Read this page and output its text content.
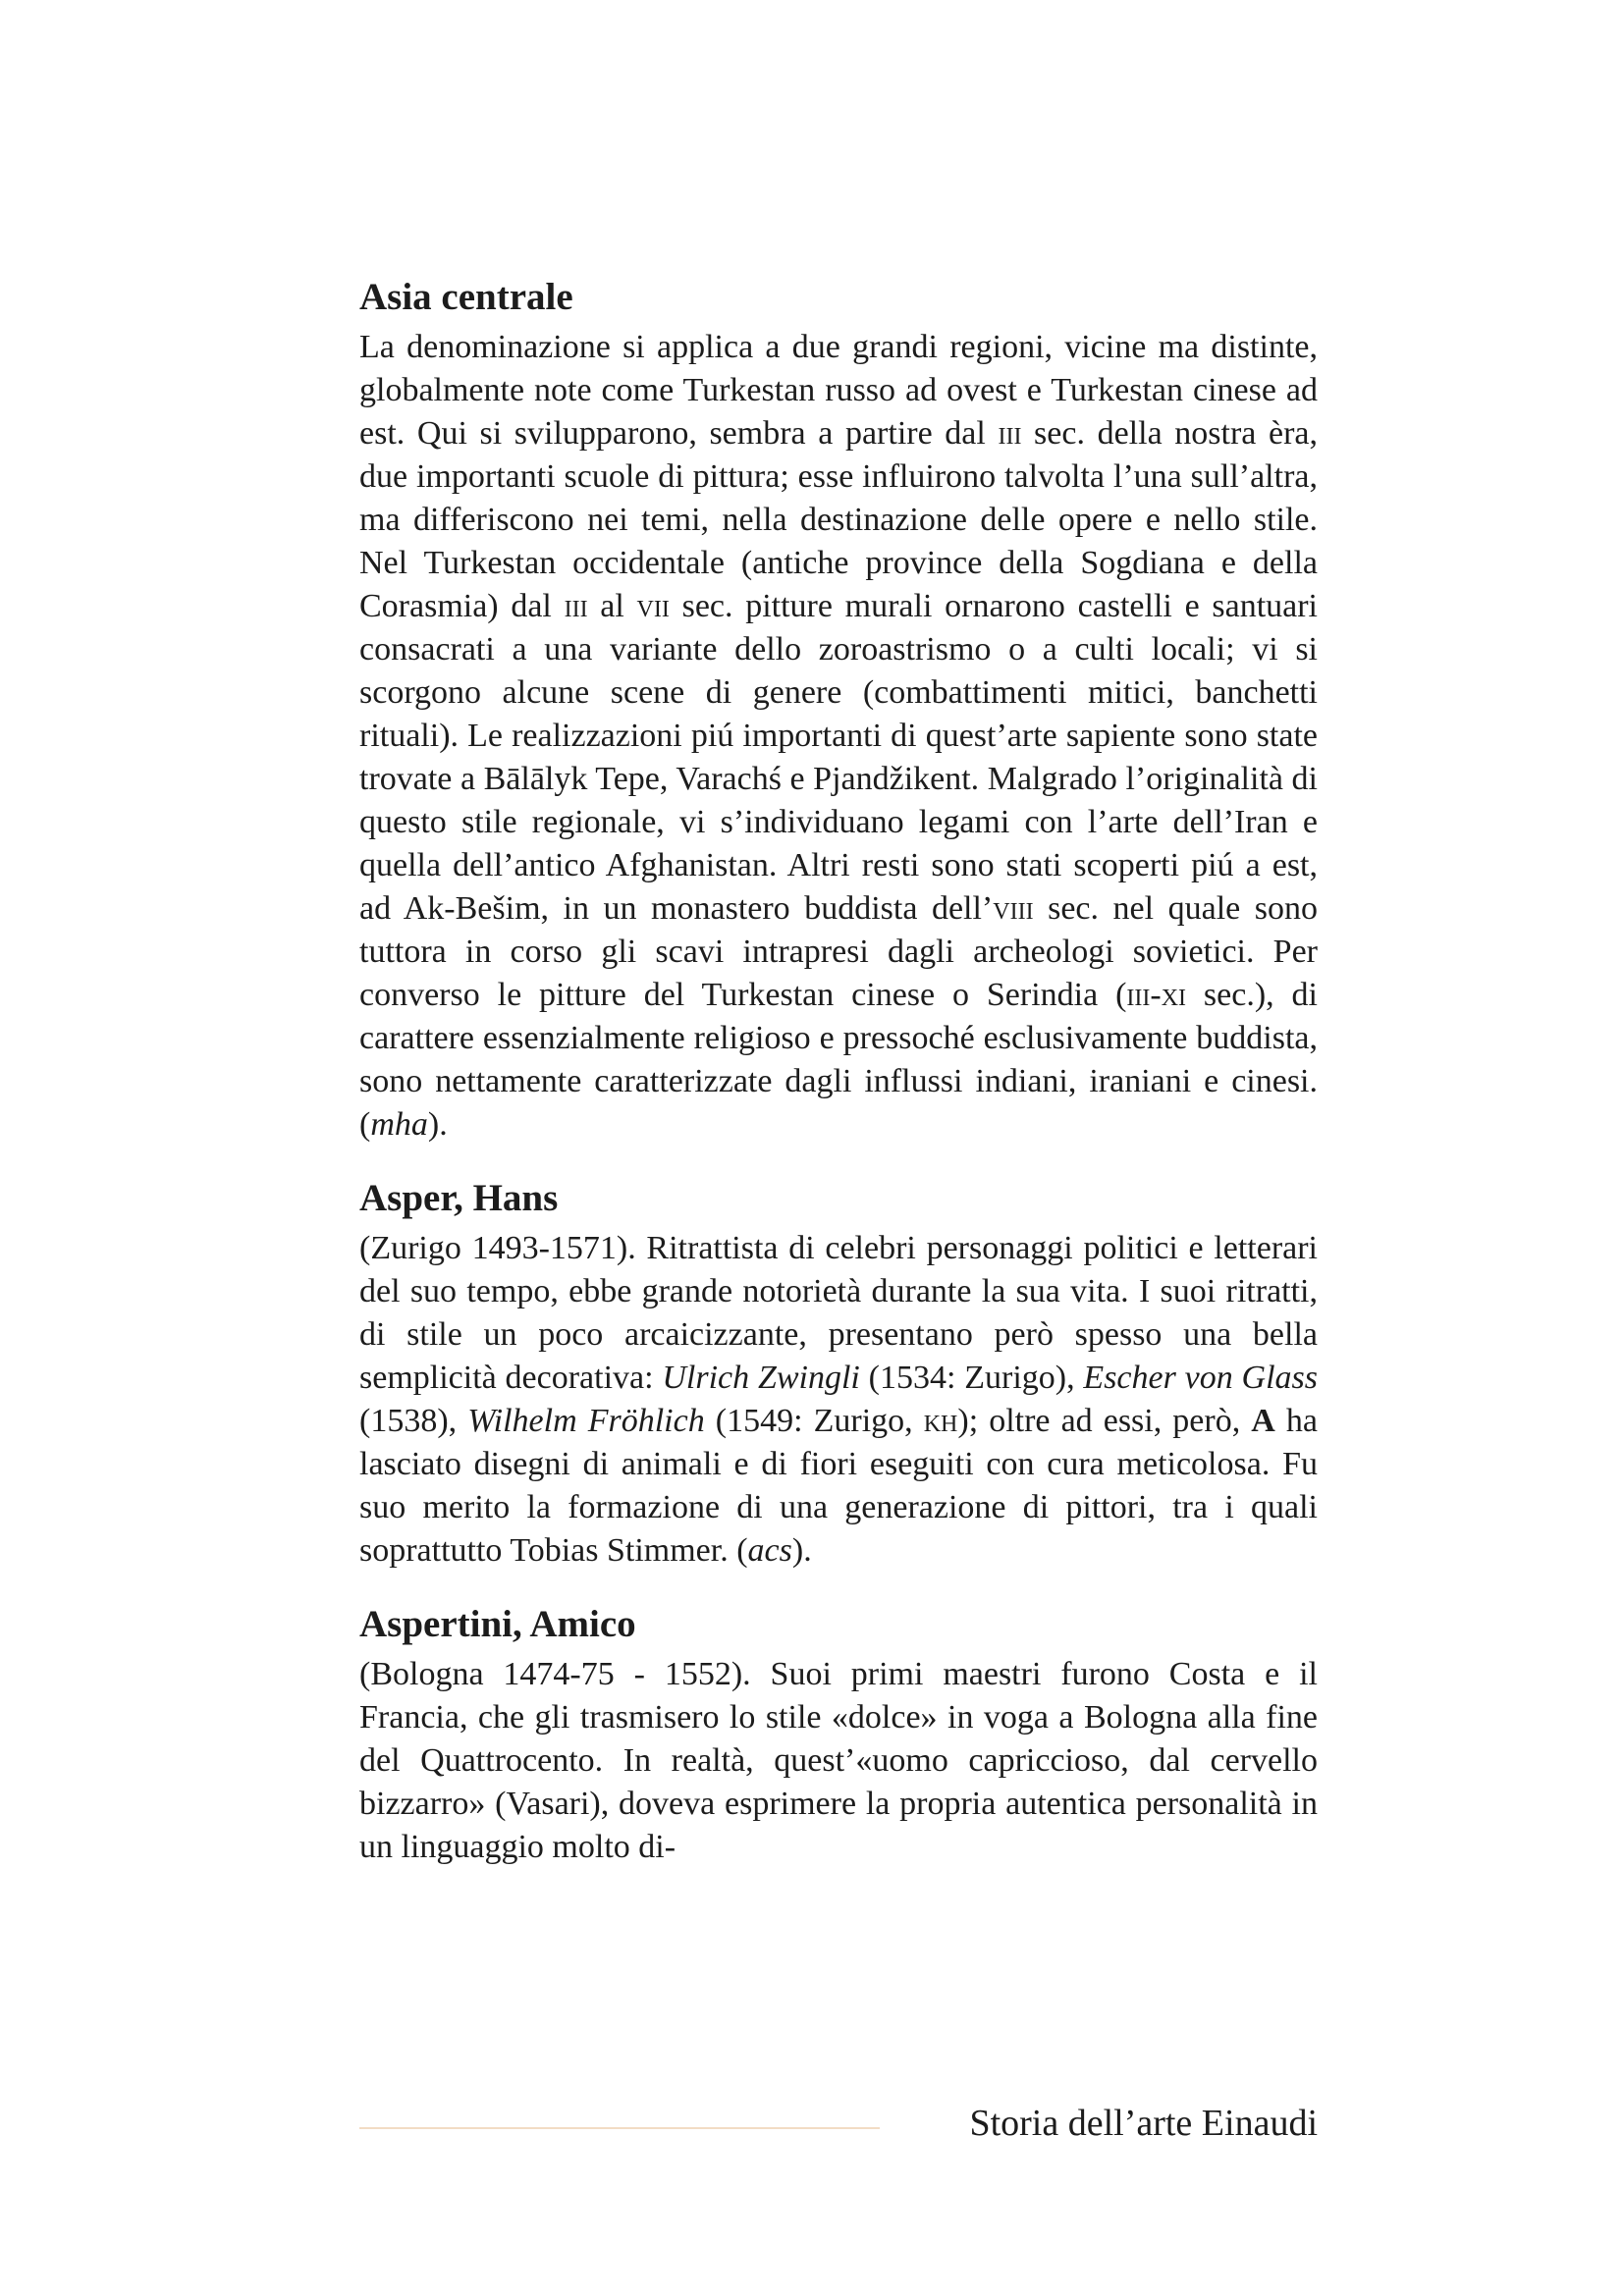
Asia centrale

La denominazione si applica a due grandi regioni, vicine ma distinte, globalmente note come Turkestan russo ad ovest e Turkestan cinese ad est. Qui si svilupparono, sembra a partire dal iii sec. della nostra èra, due importanti scuole di pittura; esse influirono talvolta l’una sull’altra, ma differiscono nei temi, nella destinazione delle opere e nello stile. Nel Turkestan occidentale (antiche province della Sogdiana e della Corasmia) dal iii al vii sec. pitture murali ornarono castelli e santuari consacrati a una variante dello zoroastrismo o a culti locali; vi si scorgono alcune scene di genere (combattimenti mitici, banchetti rituali). Le realizzazioni piú importanti di quest’arte sapiente sono state trovate a Bālālyk Tepe, Varachś e Pjandžikent. Malgrado l’originalità di questo stile regionale, vi s’individuano legami con l’arte dell’Iran e quella dell’antico Afghanistan. Altri resti sono stati scoperti piú a est, ad Ak-Bešim, in un monastero buddista dell’viii sec. nel quale sono tuttora in corso gli scavi intrapresi dagli archeologi sovietici. Per converso le pitture del Turkestan cinese o Serindia (iii-xi sec.), di carattere essenzialmente religioso e pressoché esclusivamente buddista, sono nettamente caratterizzate dagli influssi indiani, iraniani e cinesi. (mha).

Asper, Hans

(Zurigo 1493-1571). Ritrattista di celebri personaggi politici e letterari del suo tempo, ebbe grande notorietà durante la sua vita. I suoi ritratti, di stile un poco arcaicizzante, presentano però spesso una bella semplicità decorativa: Ulrich Zwingli (1534: Zurigo), Escher von Glass (1538), Wilhelm Fröhlich (1549: Zurigo, kh); oltre ad essi, però, A ha lasciato disegni di animali e di fiori eseguiti con cura meticolosa. Fu suo merito la formazione di una generazione di pittori, tra i quali soprattutto Tobias Stimmer. (acs).

Aspertini, Amico

(Bologna 1474-75 - 1552). Suoi primi maestri furono Costa e il Francia, che gli trasmisero lo stile «dolce» in voga a Bologna alla fine del Quattrocento. In realtà, quest’«uomo capriccioso, dal cervello bizzarro» (Vasari), doveva esprimere la propria autentica personalità in un linguaggio molto di-

Storia dell’arte Einaudi
